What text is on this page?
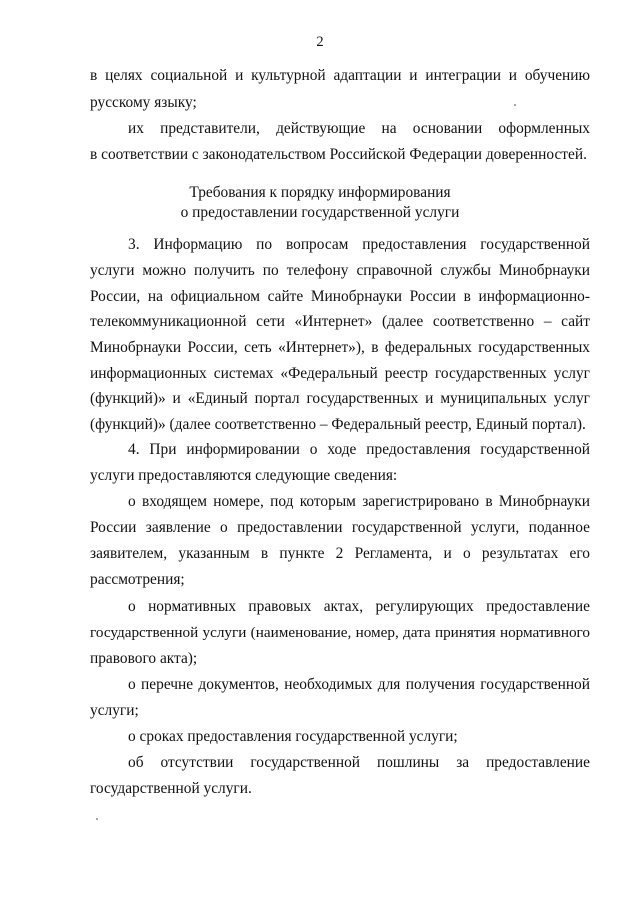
2
в целях социальной и культурной адаптации и интеграции и обучению
русскому языку;
их представители, действующие на основании оформленных
в соответствии с законодательством Российской Федерации доверенностей.
Требования к порядку информирования
о предоставлении государственной услуги
3. Информацию по вопросам предоставления государственной
услуги можно получить по телефону справочной службы Минобрнауки
России, на официальном сайте Минобрнауки России в информационно-
телекоммуникационной сети «Интернет» (далее соответственно – сайт
Минобрнауки России, сеть «Интернет»), в федеральных государственных
информационных системах «Федеральный реестр государственных услуг
(функций)» и «Единый портал государственных и муниципальных услуг
(функций)» (далее соответственно – Федеральный реестр, Единый портал).
4. При информировании о ходе предоставления государственной
услуги предоставляются следующие сведения:
о входящем номере, под которым зарегистрировано в Минобрнауки
России заявление о предоставлении государственной услуги, поданное
заявителем, указанным в пункте 2 Регламента, и о результатах его
рассмотрения;
о нормативных правовых актах, регулирующих предоставление
государственной услуги (наименование, номер, дата принятия нормативного
правового акта);
о перечне документов, необходимых для получения государственной
услуги;
о сроках предоставления государственной услуги;
об отсутствии государственной пошлины за предоставление
государственной услуги.
